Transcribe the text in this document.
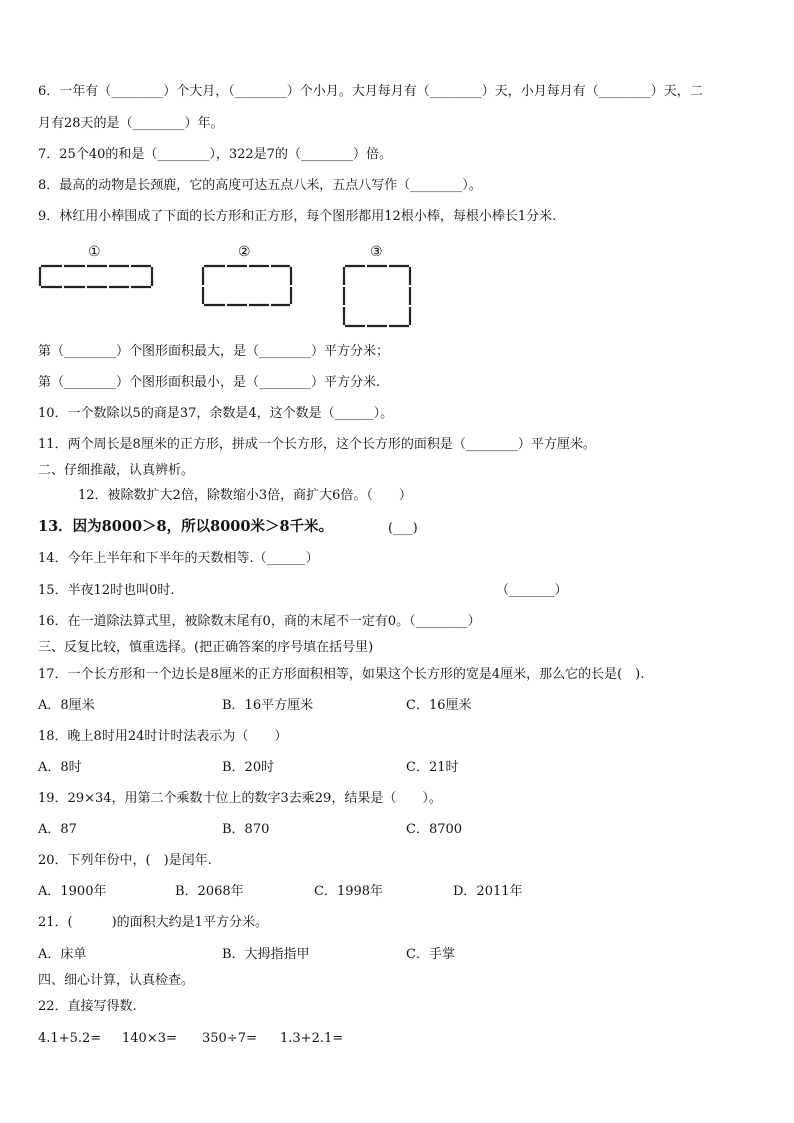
6．一年有（________）个大月，（________）个小月。大月每月有（________）天，小月每月有（________）天，二
月有28天的是（________）年。
7．25个40的和是（________），322是7的（________）倍。
8．最高的动物是长颈鹿，它的高度可达五点八米，五点八写作（________）。
9．林红用小棒围成了下面的长方形和正方形，每个图形都用12根小棒，每根小棒长1分米.
①	②	③
第（________）个图形面积最大，是（________）平方分米；
第（________）个图形面积最小，是（________）平方分米.
10．一个数除以5的商是37，余数是4，这个数是（______）。
11．两个周长是8厘米的正方形，拼成一个长方形，这个长方形的面积是（________）平方厘米。
二、仔细推敲，认真辨析。
12．被除数扩大2倍，除数缩小3倍，商扩大6倍。（　　）
13．因为8000＞8，所以8000米＞8千米。	(___)
14．今年上半年和下半年的天数相等.（______）
15．半夜12时也叫0时.	（_______）
16．在一道除法算式里，被除数末尾有0，商的末尾不一定有0。（________）
三、反复比较，慎重选择。(把正确答案的序号填在括号里)
17．一个长方形和一个边长是8厘米的正方形面积相等，如果这个长方形的宽是4厘米，那么它的长是(　).
A．8厘米	B．16平方厘米	C．16厘米
18．晚上8时用24时计时法表示为（　　）
A．8时	B．20时	C．21时
19．29×34，用第二个乘数十位上的数字3去乘29，结果是（　　）。
A．87	B．870	C．8700
20．下列年份中，(　)是闰年.
A．1900年	B．2068年	C．1998年	D．2011年
21．(　　　)的面积大约是1平方分米。
A．床单	B．大拇指指甲	C．手掌
四、细心计算，认真检查。
22．直接写得数.
4.1+5.2= 140×3= 350÷7= 1.3+2.1=
